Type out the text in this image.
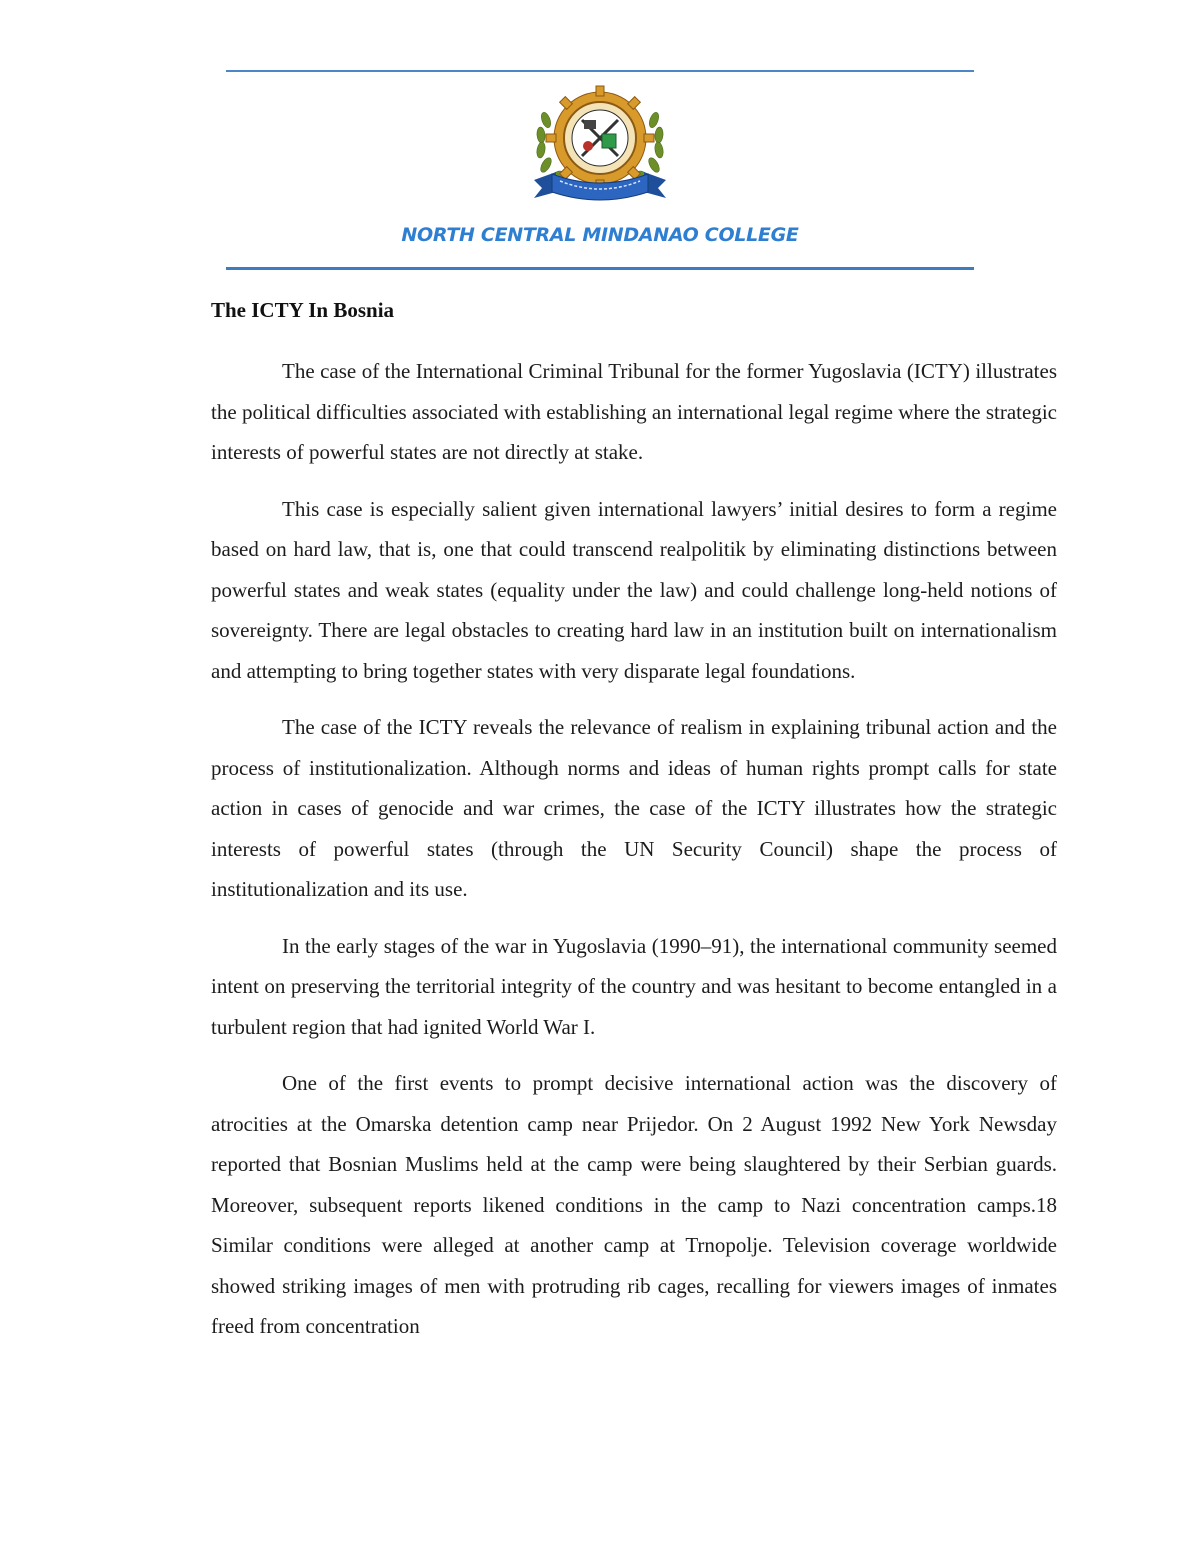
NORTH CENTRAL MINDANAO COLLEGE
The ICTY In Bosnia

The case of the International Criminal Tribunal for the former Yugoslavia (ICTY) illustrates the political difficulties associated with establishing an international legal regime where the strategic interests of powerful states are not directly at stake.

This case is especially salient given international lawyers’ initial desires to form a regime based on hard law, that is, one that could transcend realpolitik by eliminating distinctions between powerful states and weak states (equality under the law) and could challenge long-held notions of sovereignty. There are legal obstacles to creating hard law in an institution built on internationalism and attempting to bring together states with very disparate legal foundations.

The case of the ICTY reveals the relevance of realism in explaining tribunal action and the process of institutionalization. Although norms and ideas of human rights prompt calls for state action in cases of genocide and war crimes, the case of the ICTY illustrates how the strategic interests of powerful states (through the UN Security Council) shape the process of institutionalization and its use.

In the early stages of the war in Yugoslavia (1990–91), the international community seemed intent on preserving the territorial integrity of the country and was hesitant to become entangled in a turbulent region that had ignited World War I.

One of the first events to prompt decisive international action was the discovery of atrocities at the Omarska detention camp near Prijedor. On 2 August 1992 New York Newsday reported that Bosnian Muslims held at the camp were being slaughtered by their Serbian guards. Moreover, subsequent reports likened conditions in the camp to Nazi concentration camps.18 Similar conditions were alleged at another camp at Trnopolje. Television coverage worldwide showed striking images of men with protruding rib cages, recalling for viewers images of inmates freed from concentration
